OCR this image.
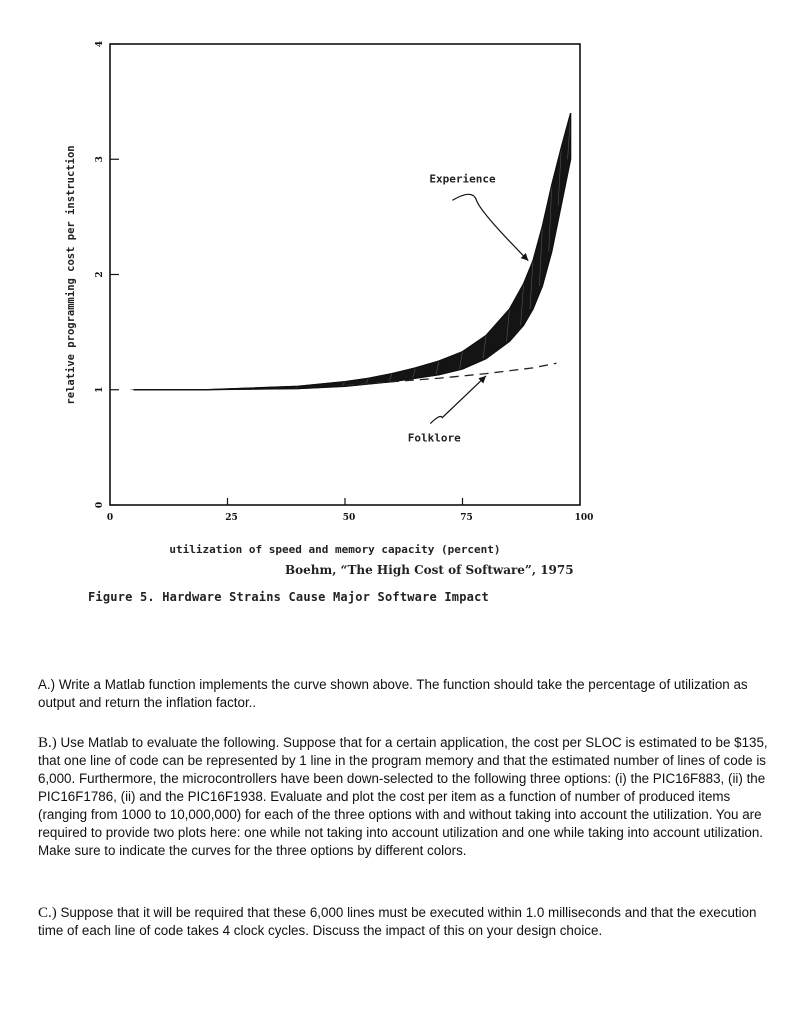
0
1
2
3
4
0	25	50	75	100
Experience
Folklore
relative programming cost per instruction
utilization of speed and memory capacity (percent)
Boehm, “The High Cost of Software”, 1975
Figure 5. Hardware Strains Cause Major Software Impact

A.) Write a Matlab function implements the curve shown above. The function should take the percentage of utilization as output and return the inflation factor..

B.) Use Matlab to evaluate the following. Suppose that for a certain application, the cost per SLOC is estimated to be $135, that one line of code can be represented by 1 line in the program memory and that the estimated number of lines of code is 6,000. Furthermore, the microcontrollers have been down-selected to the following three options: (i) the PIC16F883, (ii) the PIC16F1786, (ii) and the PIC16F1938. Evaluate and plot the cost per item as a function of number of produced items (ranging from 1000 to 10,000,000) for each of the three options with and without taking into account the utilization. You are required to provide two plots here: one while not taking into account utilization and one while taking into account utilization. Make sure to indicate the curves for the three options by different colors.

C.) Suppose that it will be required that these 6,000 lines must be executed within 1.0 milliseconds and that the execution time of each line of code takes 4 clock cycles. Discuss the impact of this on your design choice.
